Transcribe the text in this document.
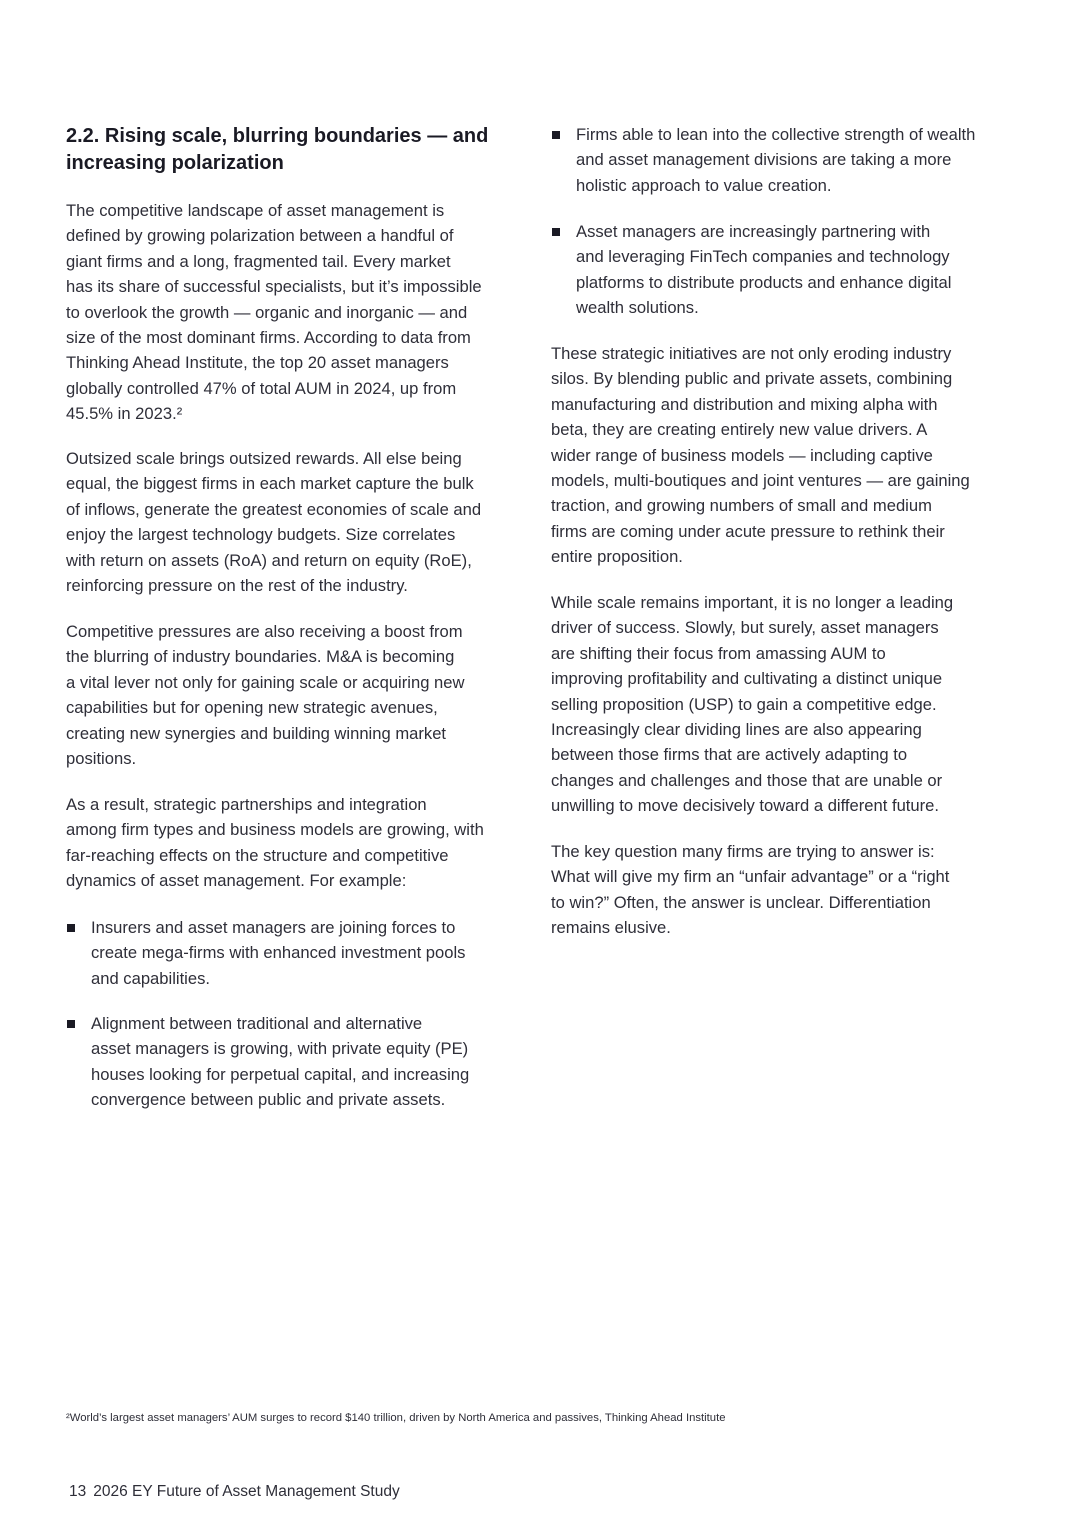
2.2. Rising scale, blurring boundaries — and
increasing polarization
The competitive landscape of asset management is
defined by growing polarization between a handful of
giant firms and a long, fragmented tail. Every market
has its share of successful specialists, but it’s impossible
to overlook the growth — organic and inorganic — and
size of the most dominant firms. According to data from
Thinking Ahead Institute, the top 20 asset managers
globally controlled 47% of total AUM in 2024, up from
45.5% in 2023.²
Outsized scale brings outsized rewards. All else being
equal, the biggest firms in each market capture the bulk
of inflows, generate the greatest economies of scale and
enjoy the largest technology budgets. Size correlates
with return on assets (RoA) and return on equity (RoE),
reinforcing pressure on the rest of the industry.
Competitive pressures are also receiving a boost from
the blurring of industry boundaries. M&A is becoming
a vital lever not only for gaining scale or acquiring new
capabilities but for opening new strategic avenues,
creating new synergies and building winning market
positions.
As a result, strategic partnerships and integration
among firm types and business models are growing, with
far-reaching effects on the structure and competitive
dynamics of asset management. For example:
Insurers and asset managers are joining forces to
create mega-firms with enhanced investment pools
and capabilities.
Alignment between traditional and alternative
asset managers is growing, with private equity (PE)
houses looking for perpetual capital, and increasing
convergence between public and private assets.
Firms able to lean into the collective strength of wealth
and asset management divisions are taking a more
holistic approach to value creation.
Asset managers are increasingly partnering with
and leveraging FinTech companies and technology
platforms to distribute products and enhance digital
wealth solutions.
These strategic initiatives are not only eroding industry
silos. By blending public and private assets, combining
manufacturing and distribution and mixing alpha with
beta, they are creating entirely new value drivers. A
wider range of business models — including captive
models, multi-boutiques and joint ventures — are gaining
traction, and growing numbers of small and medium
firms are coming under acute pressure to rethink their
entire proposition.
While scale remains important, it is no longer a leading
driver of success. Slowly, but surely, asset managers
are shifting their focus from amassing AUM to
improving profitability and cultivating a distinct unique
selling proposition (USP) to gain a competitive edge.
Increasingly clear dividing lines are also appearing
between those firms that are actively adapting to
changes and challenges and those that are unable or
unwilling to move decisively toward a different future.
The key question many firms are trying to answer is:
What will give my firm an “unfair advantage” or a “right
to win?” Often, the answer is unclear. Differentiation
remains elusive.
²World’s largest asset managers’ AUM surges to record $140 trillion, driven by North America and passives, Thinking Ahead Institute
13 2026 EY Future of Asset Management Study
